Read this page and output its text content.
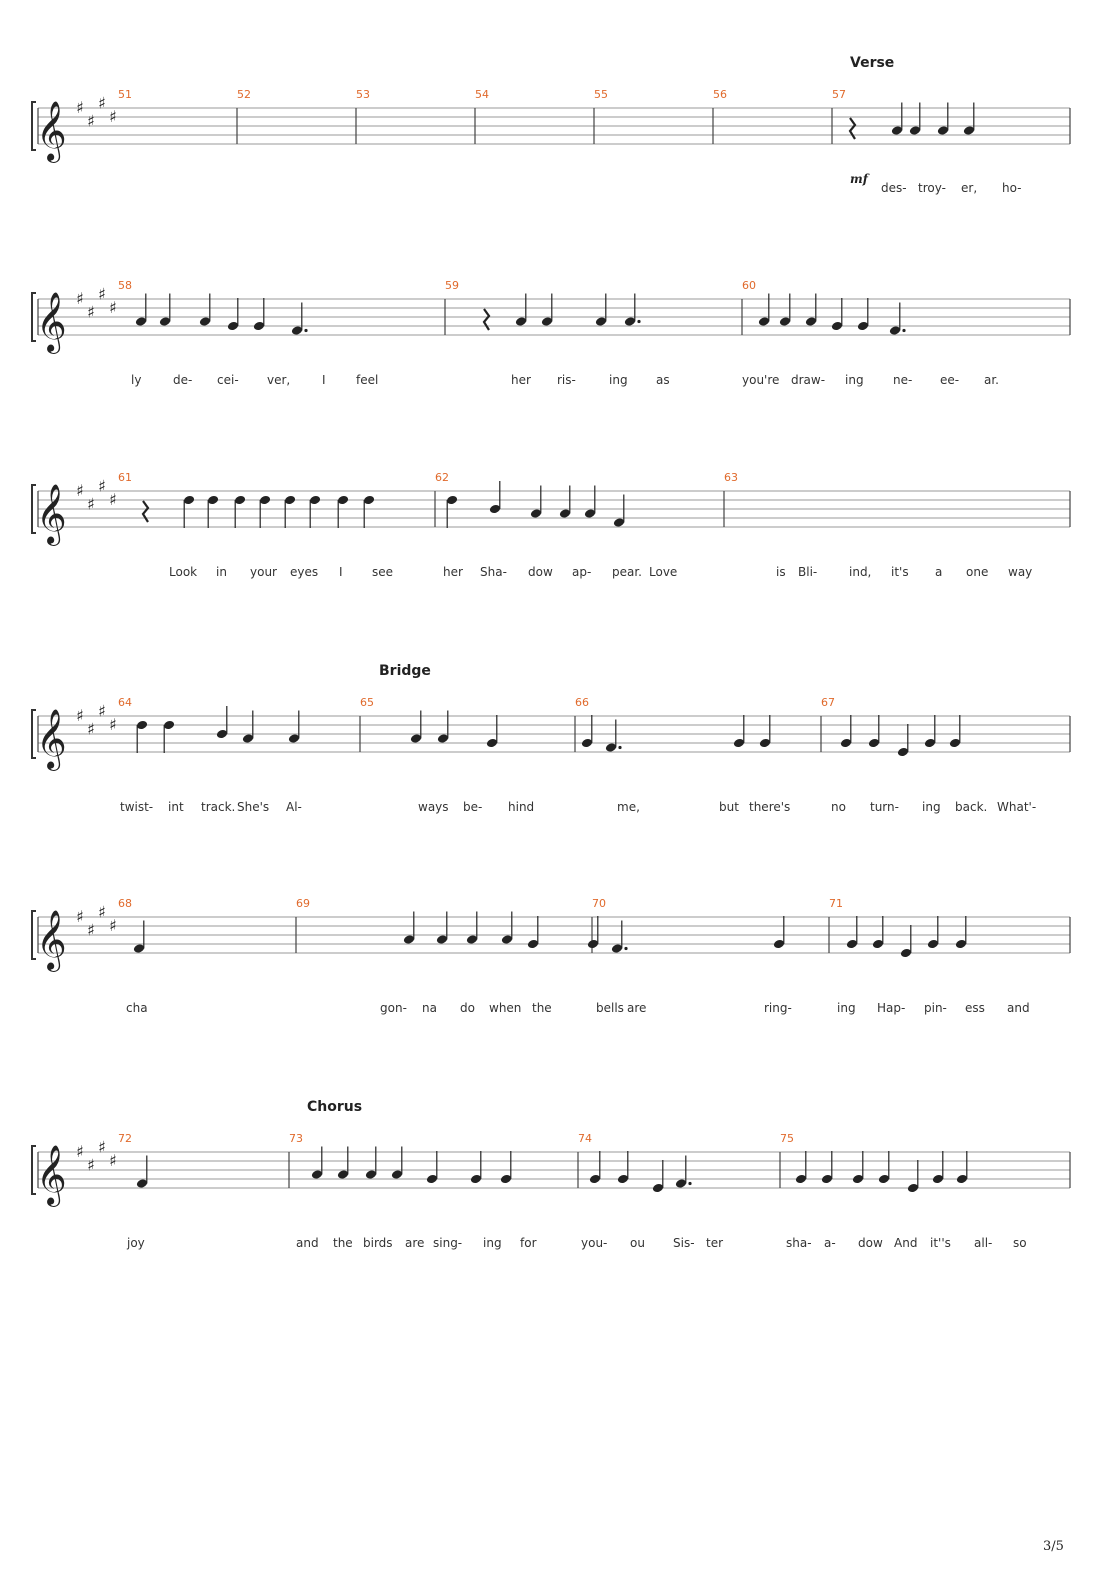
𝄞 ♯
♯
♯
♯
51	52	53	54	55	56	57
Verse
mf
des- troy- er, ho-
𝄞 ♯
♯
♯
♯
58	59	60
ly	de- cei- ver,	I	feel	her ris-	ing as	you're draw- ing ne- ee- ar.
𝄞 ♯
♯
♯
♯
61	62	63
Look in your eyes I see	her Sha- dow ap- pear. Love	is Bli-	ind, it's a one way
𝄞 ♯
♯
♯
♯
64	65	66	67
Bridge
twist- int track. She's Al-	ways be- hind	me,	but there's	no turn- ing back. What'-
𝄞 ♯
♯
♯
♯
68	69	70	71
cha	gon- na do when the	bells are	ring-	ing Hap- pin- ess and
𝄞 ♯
♯
♯
♯
72	73	74	75
Chorus
joy	and the birds are sing- ing for	you- ou Sis- ter	sha- a- dow And it''s all- so
3/5
